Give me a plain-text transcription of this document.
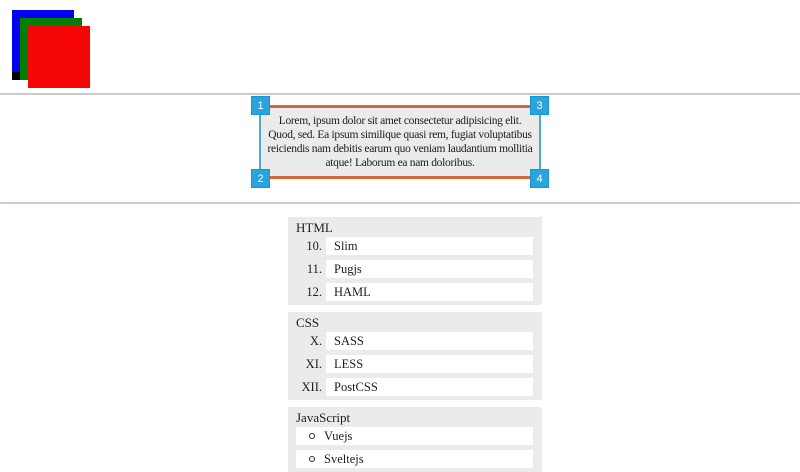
1
2
3
4
Lorem, ipsum dolor sit amet consectetur adipisicing elit.
Quod, sed. Ea ipsum similique quasi rem, fugiat voluptatibus
reiciendis nam debitis earum quo veniam laudantium mollitia
atque! Laborum ea nam doloribus.
HTML
10. Slim
11. Pugjs
12. HAML
CSS
X. SASS
XI. LESS
XII. PostCSS
JavaScript
Vuejs
Sveltejs
